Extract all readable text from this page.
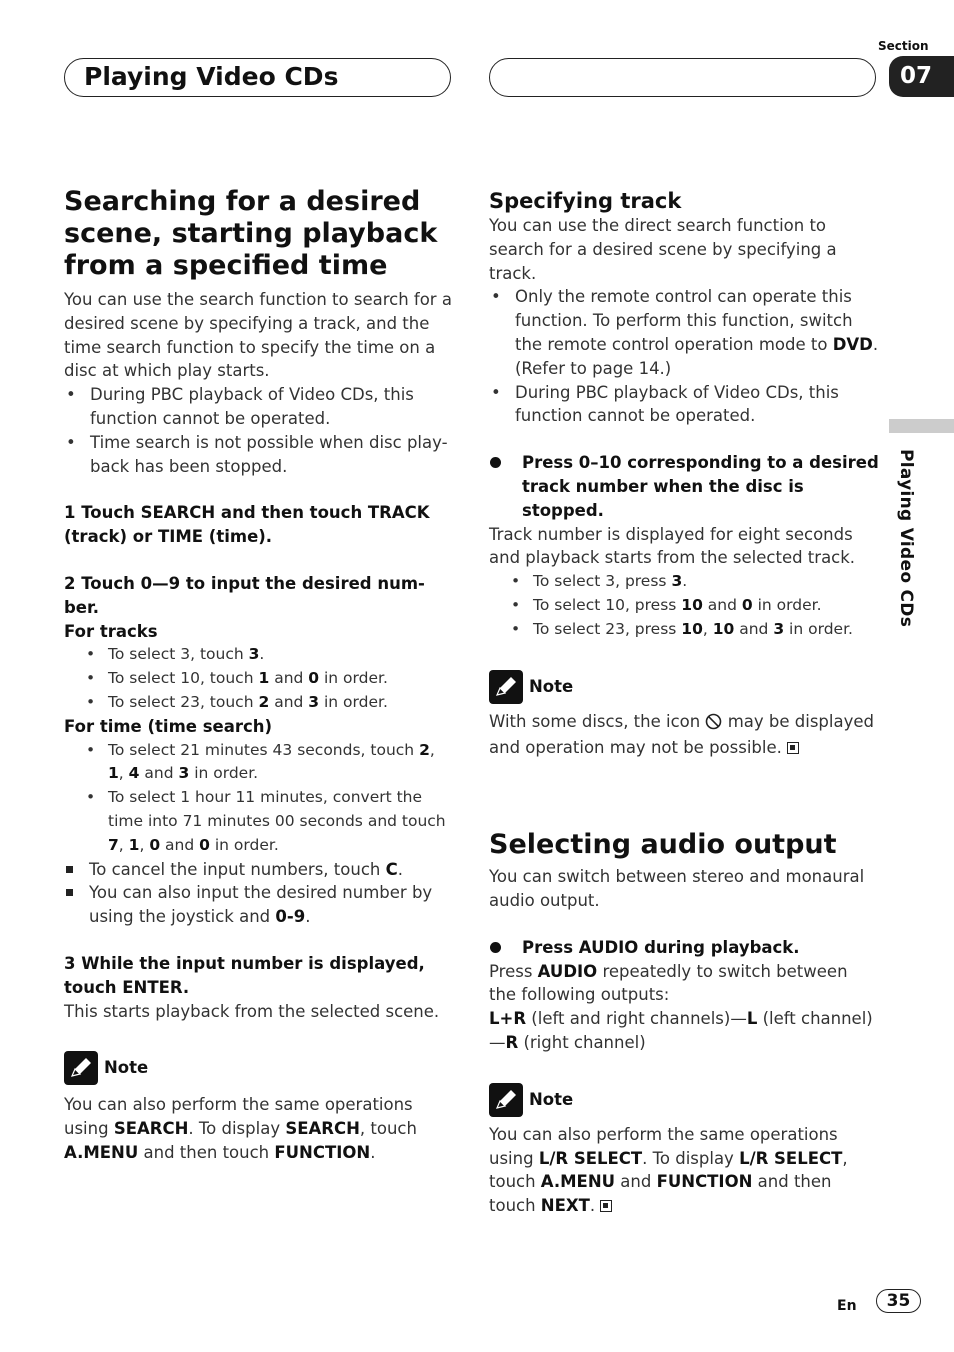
Playing Video CDs
Section
07
Playing Video CDs
Searching for a desired scene, starting playback from a specified time

You can use the search function to search for a desired scene by specifying a track, and the time search function to specify the time on a disc at which play starts.

• During PBC playback of Video CDs, this function cannot be operated.
• Time search is not possible when disc play-back has been stopped.

1 Touch SEARCH and then touch TRACK (track) or TIME (time).

2 Touch 0—9 to input the desired num-ber.

For tracks

• To select 3, touch 3.
• To select 10, touch 1 and 0 in order.
• To select 23, touch 2 and 3 in order.

For time (time search)

• To select 21 minutes 43 seconds, touch 2, 1, 4 and 3 in order.
• To select 1 hour 11 minutes, convert the time into 71 minutes 00 seconds and touch 7, 1, 0 and 0 in order.
To cancel the input numbers, touch C.
You can also input the desired number by using the joystick and 0-9.

3 While the input number is displayed, touch ENTER.

This starts playback from the selected scene.

Note

You can also perform the same operations using SEARCH. To display SEARCH, touch A.MENU and then touch FUNCTION.

Specifying track

You can use the direct search function to search for a desired scene by specifying a track.

• Only the remote control can operate this function. To perform this function, switch the remote control operation mode to DVD. (Refer to page 14.)
• During PBC playback of Video CDs, this function cannot be operated.
Press 0–10 corresponding to a desired track number when the disc is stopped.

Track number is displayed for eight seconds and playback starts from the selected track.

• To select 3, press 3.
• To select 10, press 10 and 0 in order.
• To select 23, press 10, 10 and 3 in order.
Note

With some discs, the icon  may be displayed and operation may not be possible.

Selecting audio output

You can switch between stereo and monaural audio output.

Press AUDIO during playback.

Press AUDIO repeatedly to switch between the following outputs:

L+R (left and right channels)—L (left channel) —R (right channel)

Note

You can also perform the same operations using L/R SELECT. To display L/R SELECT, touch A.MENU and FUNCTION and then touch NEXT.

En	35
